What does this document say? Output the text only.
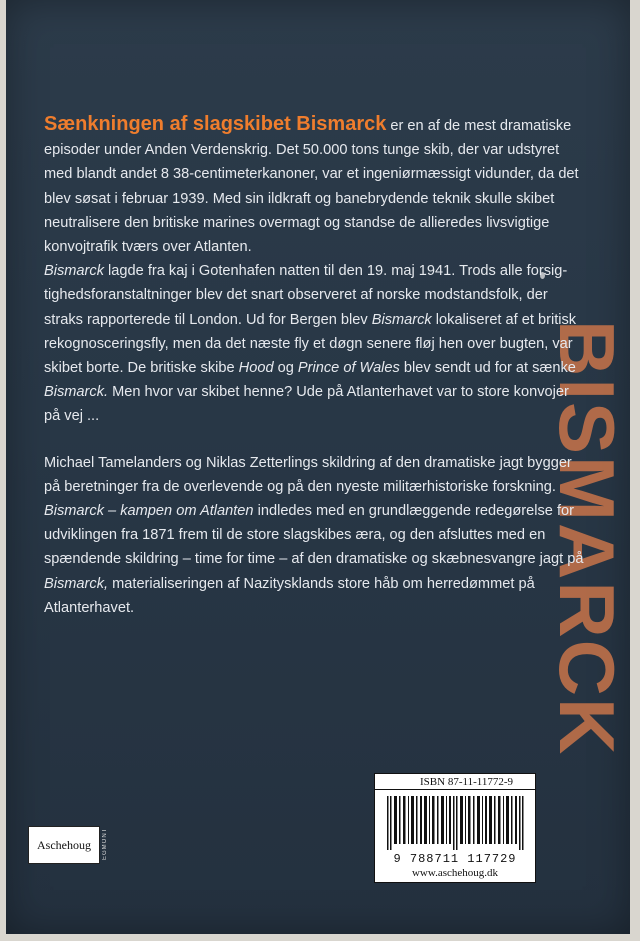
BISMARCK

Sænkningen af slagskibet Bismarck er en af de mest dramatiske episoder under Anden Verdenskrig. Det 50.000 tons tunge skib, der var udstyret med blandt andet 8 38-centimeterkanoner, var et ingeniørmæssigt vidunder, da det blev søsat i februar 1939. Med sin ildkraft og banebrydende teknik skulle skibet neutralisere den britiske marines overmagt og standse de allieredes livsvigtige konvojtrafik tværs over Atlanten.

Bismarck lagde fra kaj i Gotenhafen natten til den 19. maj 1941. Trods alle forsigtighedsforanstaltninger blev det snart observeret af norske modstandsfolk, der straks rapporterede til London. Ud for Bergen blev Bismarck lokaliseret af et britisk rekognosceringsfly, men da det næste fly et døgn senere fløj hen over bugten, var skibet borte. De britiske skibe Hood og Prince of Wales blev sendt ud for at sænke Bismarck. Men hvor var skibet henne? Ude på Atlanterhavet var to store konvojer på vej ...

Michael Tamelanders og Niklas Zetterlings skildring af den dramatiske jagt bygger på beretninger fra de overlevende og på den nyeste militærhistoriske forskning. Bismarck – kampen om Atlanten indledes med en grundlæggende redegørelse for udviklingen fra 1871 frem til de store slagskibes æra, og den afsluttes med en spændende skildring – time for time – af den dramatiske og skæbnesvangre jagt på Bismarck, materialiseringen af Nazitysklands store håb om herredømmet på Atlanterhavet.

ISBN 87-11-11772-9
9 788711 117729
www.aschehoug.dk
Aschehoug	EGMONT
